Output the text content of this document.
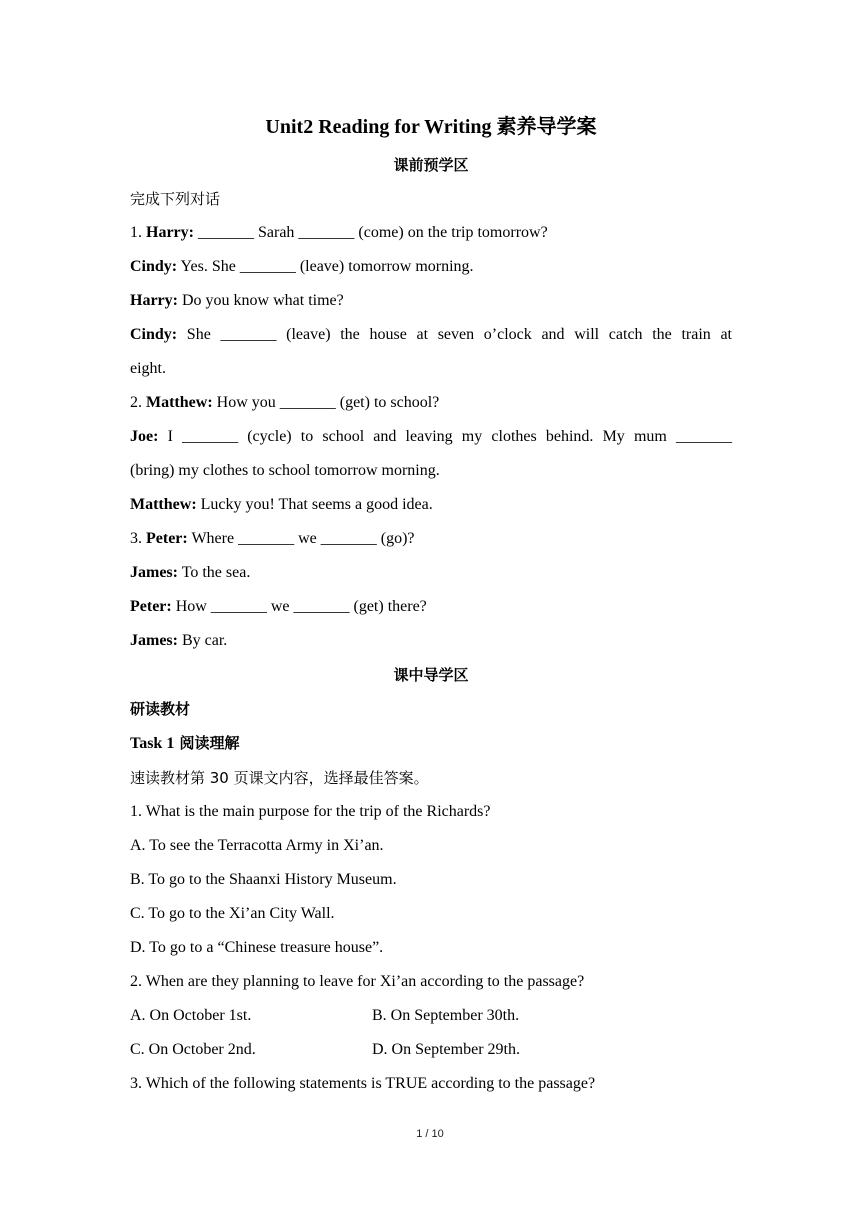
Unit2 Reading for Writing 素养导学案
课前预学区
完成下列对话
1. Harry: _______ Sarah _______ (come) on the trip tomorrow?
Cindy: Yes. She _______ (leave) tomorrow morning.
Harry: Do you know what time?
Cindy: She _______ (leave) the house at seven o’clock and will catch the train at
eight.
2. Matthew: How you _______ (get) to school?
Joe: I _______ (cycle) to school and leaving my clothes behind. My mum _______
(bring) my clothes to school tomorrow morning.
Matthew: Lucky you! That seems a good idea.
3. Peter: Where _______ we _______ (go)?
James: To the sea.
Peter: How _______ we _______ (get) there?
James: By car.
课中导学区
研读教材
Task 1 阅读理解
速读教材第 30 页课文内容，选择最佳答案。
1. What is the main purpose for the trip of the Richards?
A. To see the Terracotta Army in Xi’an.
B. To go to the Shaanxi History Museum.
C. To go to the Xi’an City Wall.
D. To go to a “Chinese treasure house”.
2. When are they planning to leave for Xi’an according to the passage?
A. On October 1st.	B. On September 30th.
C. On October 2nd.	D. On September 29th.
3. Which of the following statements is TRUE according to the passage?
1 / 10
